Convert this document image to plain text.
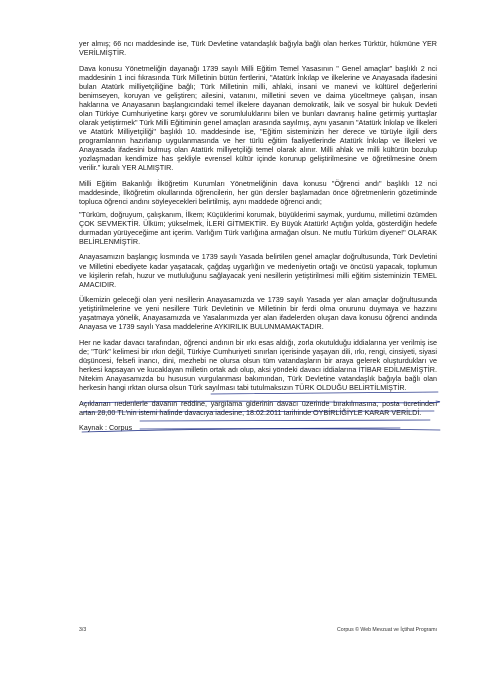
yer almış; 66 ncı maddesinde ise, Türk Devletine vatandaşlık bağıyla bağlı olan herkes Türktür, hükmüne YER VERİLMİŞTİR.

Dava konusu Yönetmeliğin dayanağı 1739 sayılı Milli Eğitim Temel Yasasının " Genel amaçlar" başlıklı 2 nci maddesinin 1 inci fıkrasında Türk Milletinin bütün fertlerini, "Atatürk İnkılap ve ilkelerine ve Anayasada ifadesini bulan Atatürk milliyetçiliğine bağlı; Türk Milletinin milli, ahlaki, insani ve manevi ve kültürel değerlerini benimseyen, koruyan ve geliştiren; ailesini, vatanını, milletini seven ve daima yüceltmeye çalışan, insan haklarına ve Anayasanın başlangıcındaki temel ilkelere dayanan demokratik, laik ve sosyal bir hukuk Devleti olan Türkiye Cumhuriyetine karşı görev ve sorumluluklarını bilen ve bunları davranış haline getirmiş yurttaşlar olarak yetiştirmek" Türk Milli Eğitiminin genel amaçları arasında sayılmış, aynı yasanın "Atatürk İnkılap ve İlkeleri ve Atatürk Milliyetçiliği" başlıklı 10. maddesinde ise, "Eğitim sisteminizin her derece ve türüyle ilgili ders programlarının hazırlanıp uygulanmasında ve her türlü eğitim faaliyetlerinde Atatürk İnkılap ve İlkeleri ve Anayasada ifadesini bulmuş olan Atatürk milliyetçiliği temel olarak alınır. Milli ahlak ve milli kültürün bozulup yozlaşmadan kendimize has şekliyle evrensel kültür içinde korunup geliştirilmesine ve öğretilmesine önem verilir." kuralı YER ALMIŞTIR.

Milli Eğitim Bakanlığı İlköğretim Kurumları Yönetmeliğinin dava konusu "Öğrenci andı" başlıklı 12 nci maddesinde, İlköğretim okullarında öğrencilerin, her gün dersler başlamadan önce öğretmenlerin gözetiminde topluca öğrenci andını söyleyecekleri belirtilmiş, aynı maddede öğrenci andı;

"Türküm, doğruyum, çalışkanım, İlkem; Küçüklerimi korumak, büyüklerimi saymak, yurdumu, milletimi özümden ÇOK SEVMEKTİR. Ülküm; yükselmek, İLERİ GİTMEKTİR. Ey Büyük Atatürk! Açtığın yolda, gösterdiğin hedefe durmadan yürüyeceğime ant içerim. Varlığım Türk varlığına armağan olsun. Ne mutlu Türküm diyene!" OLARAK BELİRLENMİŞTİR.

Anayasamızın başlangıç kısmında ve 1739 sayılı Yasada belirtilen genel amaçlar doğrultusunda, Türk Devletini ve Milletini ebediyete kadar yaşatacak, çağdaş uygarlığın ve medeniyetin ortağı ve öncüsü yapacak, toplumun ve kişilerin refah, huzur ve mutluluğunu sağlayacak yeni nesillerin yetiştirilmesi milli eğitim sisteminizin TEMEL AMACIDIR.

Ülkemizin geleceği olan yeni nesillerin Anayasamızda ve 1739 sayılı Yasada yer alan amaçlar doğrultusunda yetiştirilmelerine ve yeni nesillere Türk Devletinin ve Milletinin bir ferdi olma onurunu duymaya ve hazzını yaşatmaya yönelik, Anayasamızda ve Yasalarımızda yer alan ifadelerden oluşan dava konusu öğrenci andında Anayasa ve 1739 sayılı Yasa maddelerine AYKIRILIK BULUNMAMAKTADIR.

Her ne kadar davacı tarafından, öğrenci andının bir ırkı esas aldığı, zorla okutulduğu iddialarına yer verilmiş ise de; "Türk" kelimesi bir ırkın değil, Türkiye Cumhuriyeti sınırları içerisinde yaşayan dili, ırkı, rengi, cinsiyeti, siyasi düşüncesi, felsefi inancı, dini, mezhebi ne olursa olsun tüm vatandaşların bir araya gelerek oluşturdukları ve herkesi kapsayan ve kucaklayan milletin ortak adı olup, aksi yöndeki davacı iddialarına İTİBAR EDİLMEMİŞTİR. Nitekim Anayasamızda bu hususun vurgulanması bakımından, Türk Devletine vatandaşlık bağıyla bağlı olan herkesin hangi ırktan olursa olsun Türk sayılması tabi tutulmaksızın TÜRK OLDUĞU BELİRTİLMİŞTİR.

Açıklanan nedenlerle davanın reddine, yargılama giderinin davacı üzerinde bırakılmasına, posta ücretinden artan 28,00 TL'nin istemi halinde davacıya iadesine, 18.02.2011 tarihinde OYBİRLİĞİYLE KARAR VERİLDİ.

Kaynak : Corpus

3/3	Corpus © Web Mevzuat ve İçtihat Programı
